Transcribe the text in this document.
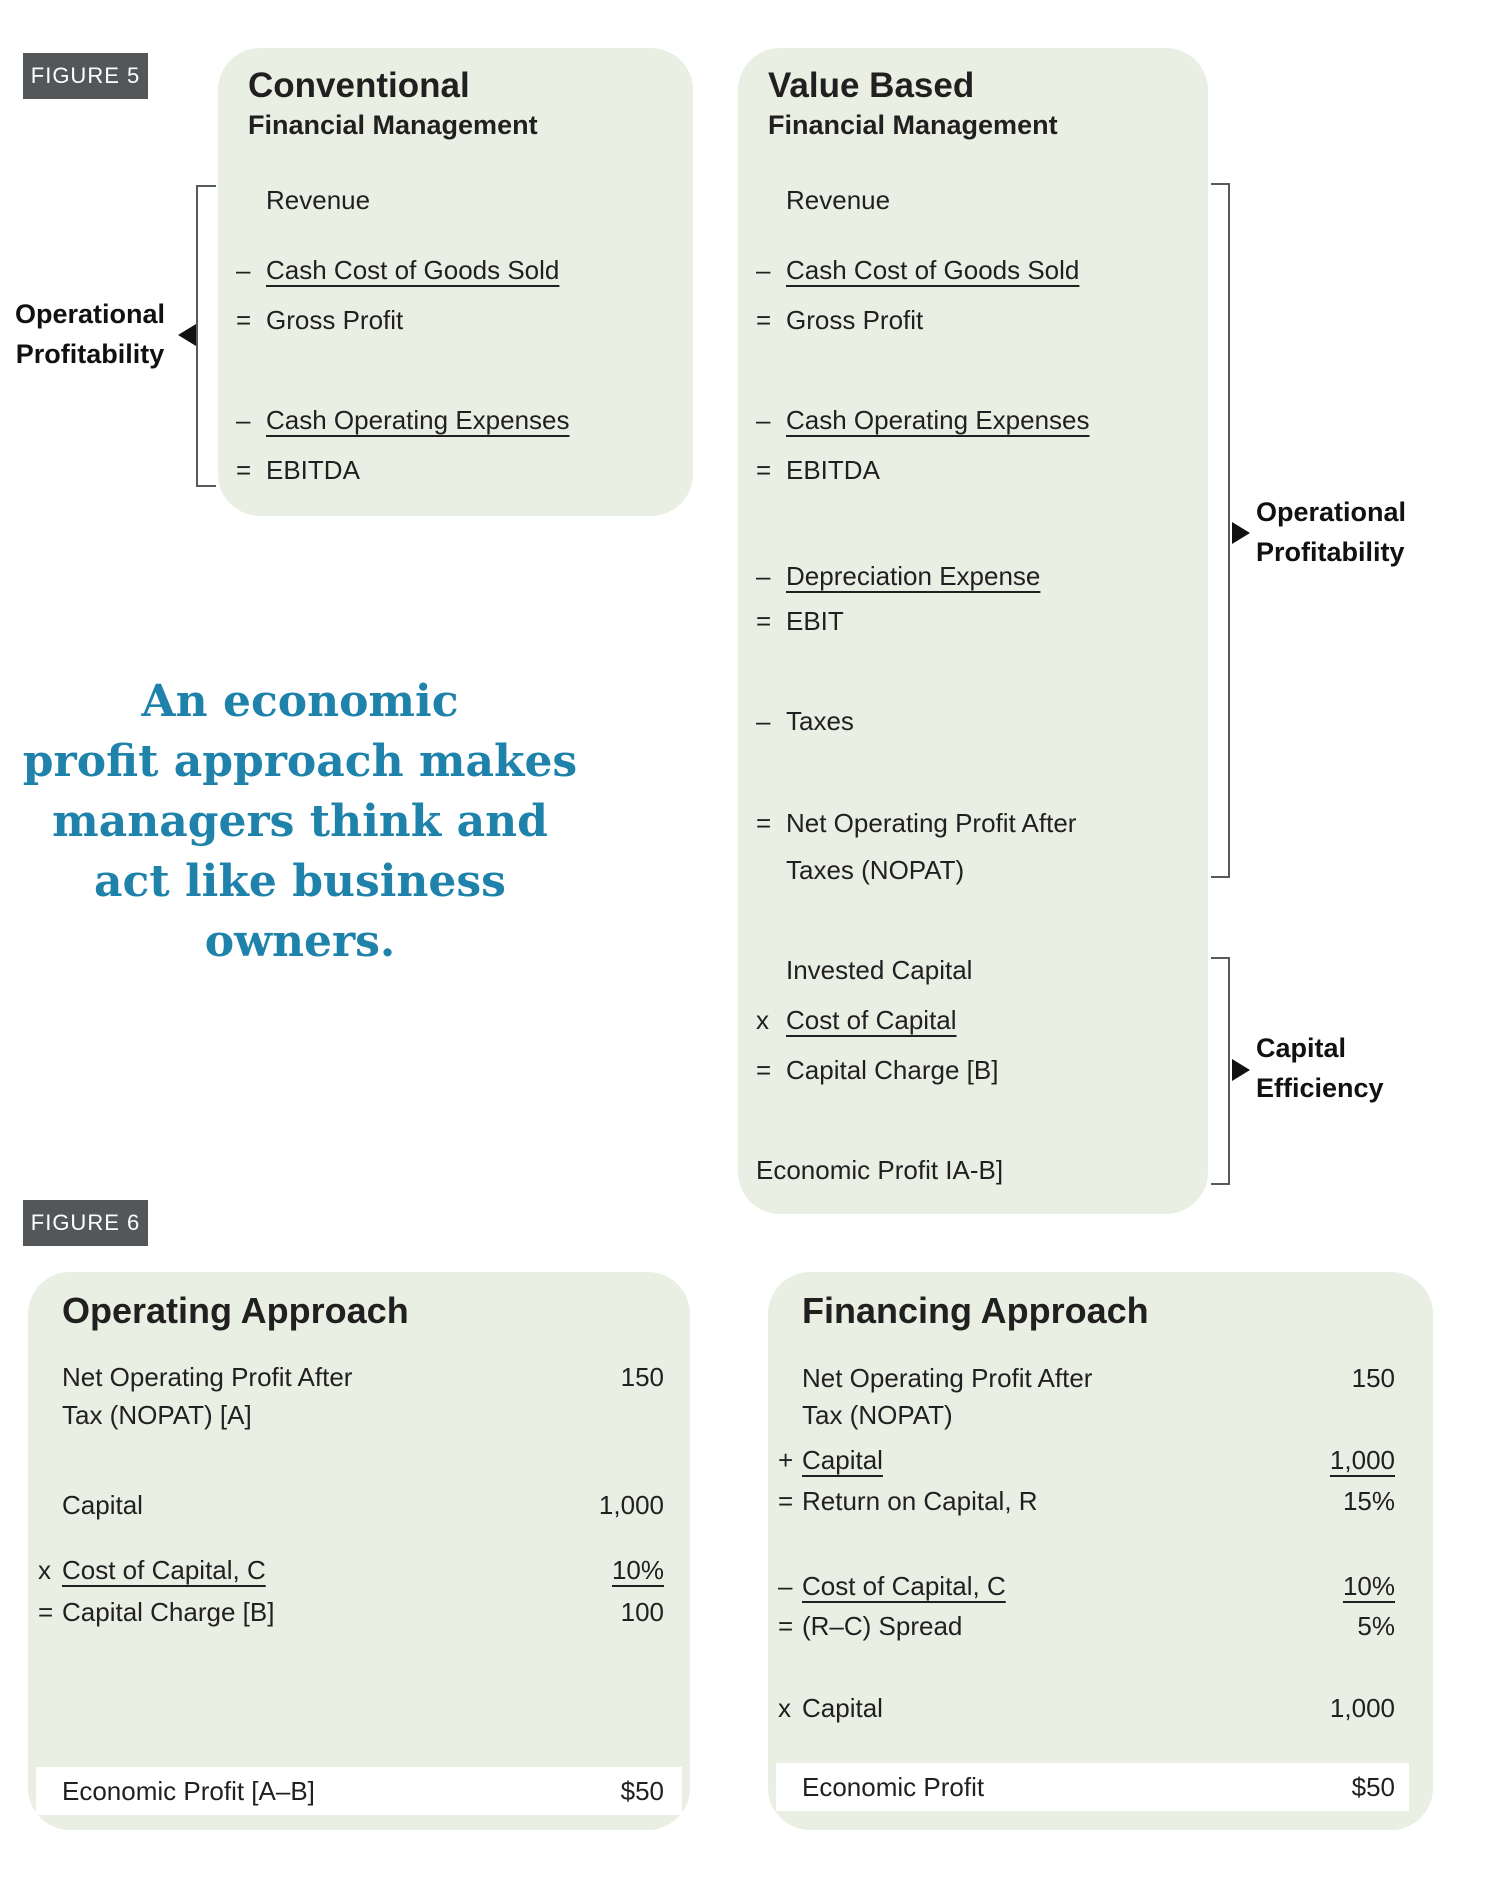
FIGURE 5	Conventional
Financial Management
Revenue
– Cash Cost of Goods Sold
= Gross Profit
– Cash Operating Expenses
= EBITDA
Value Based
Financial Management
Revenue
– Cash Cost of Goods Sold
= Gross Profit
– Cash Operating Expenses
= EBITDA
– Depreciation Expense
= EBIT
– Taxes
= Net Operating Profit After
Taxes (NOPAT)
Invested Capital
x Cost of Capital
= Capital Charge [B]
Economic Profit IA-B]
Operational
Profitability
Operational
Profitability
Capital
Efficiency
An economic
profit approach makes
managers think and
act like business
owners.
FIGURE 6
Operating Approach
Net Operating Profit After	150
Tax (NOPAT) [A]
Capital	1,000
x Cost of Capital, C	10%
= Capital Charge [B]	100
Economic Profit [A–B]	$50
Financing Approach
Net Operating Profit After	150
Tax (NOPAT)
+ Capital	1,000
= Return on Capital, R	15%
– Cost of Capital, C	10%
= (R–C) Spread	5%
x Capital	1,000
Economic Profit	$50
